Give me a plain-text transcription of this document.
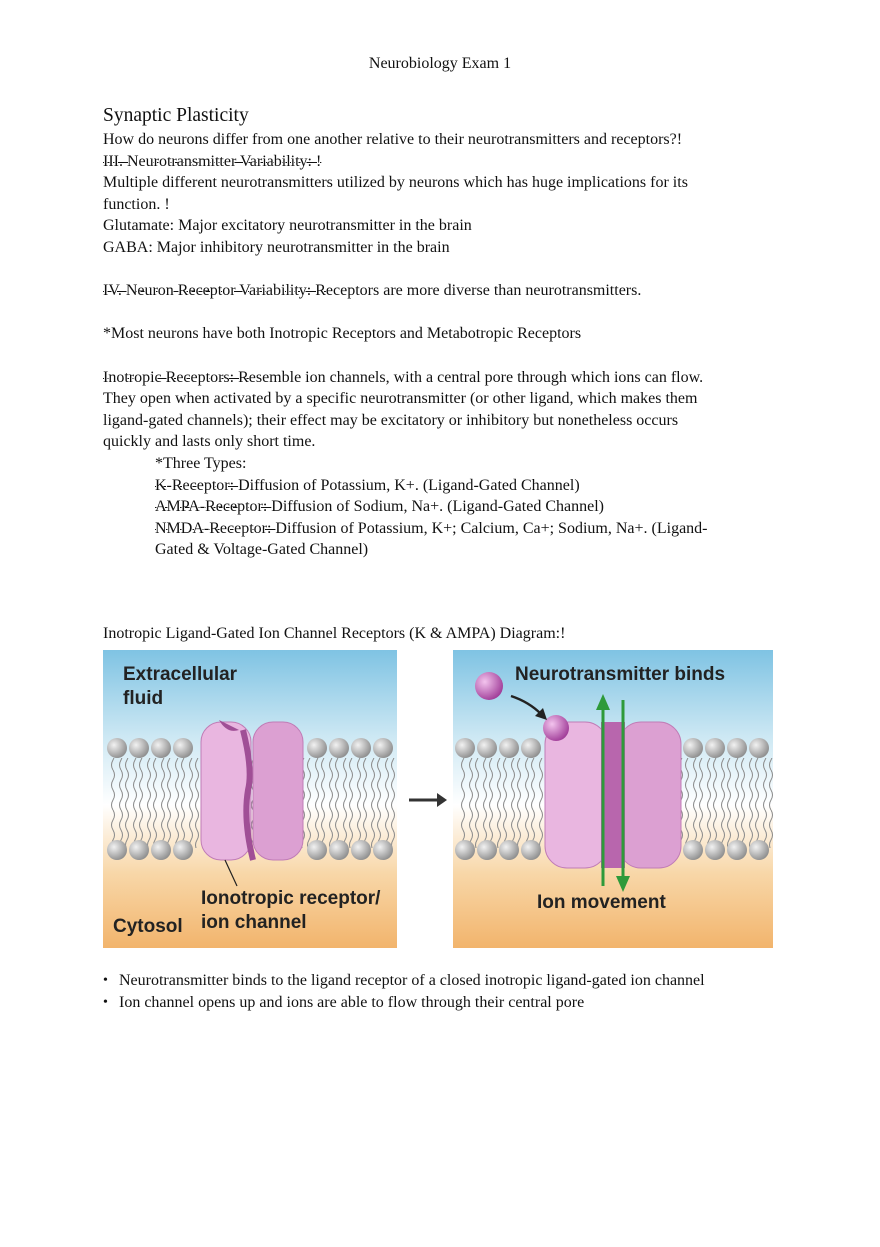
Neurobiology Exam 1

Synaptic Plasticity

How do neurons differ from one another relative to their neurotransmitters and receptors?!

III. Neurotransmitter Variability: !

Multiple different neurotransmitters utilized by neurons which has huge implications for its

function. !

Glutamate: Major excitatory neurotransmitter in the brain

GABA: Major inhibitory neurotransmitter in the brain

IV. Neuron Receptor Variability: Receptors are more diverse than neurotransmitters.

*Most neurons have both Inotropic Receptors and Metabotropic Receptors

Inotropic Receptors: Resemble ion channels, with a central pore through which ions can flow.

They open when activated by a specific neurotransmitter (or other ligand, which makes them

ligand-gated channels); their effect may be excitatory or inhibitory but nonetheless occurs

quickly and lasts only short time.

*Three Types:

K-Receptor: Diffusion of Potassium, K+. (Ligand-Gated Channel)

AMPA-Receptor: Diffusion of Sodium, Na+. (Ligand-Gated Channel)

NMDA-Receptor: Diffusion of Potassium, K+; Calcium, Ca+; Sodium, Na+. (Ligand-

Gated & Voltage-Gated Channel)

Inotropic Ligand-Gated Ion Channel Receptors (K & AMPA) Diagram:!
Extracellular
fluid
Ionotropic receptor/
ion channel
Cytosol
Neurotransmitter binds
Ion movement
• Neurotransmitter binds to the ligand receptor of a closed inotropic ligand-gated ion channel
• Ion channel opens up and ions are able to flow through their central pore
